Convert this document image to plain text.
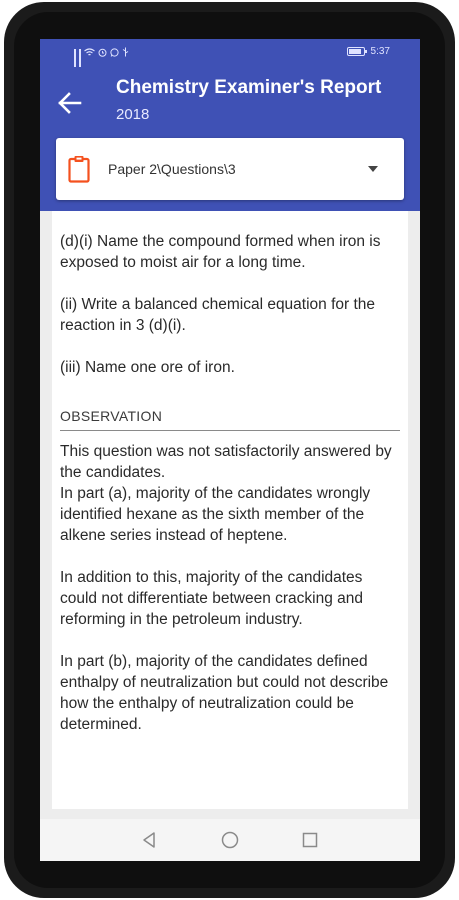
5:37
Chemistry Examiner's Report
2018
Paper 2\Questions\3
(d)(i) Name the compound formed when iron is exposed to moist air for a long time.
(ii) Write a balanced chemical equation for the reaction in 3 (d)(i).
(iii) Name one ore of iron.
OBSERVATION

This question was not satisfactorily answered by the candidates.
In part (a), majority of the candidates wrongly identified hexane as the sixth member of the alkene series instead of heptene.

In addition to this, majority of the candidates could not differentiate between cracking and reforming in the petroleum industry.

In part (b), majority of the candidates defined enthalpy of neutralization but could not describe how the enthalpy of neutralization could be determined.
